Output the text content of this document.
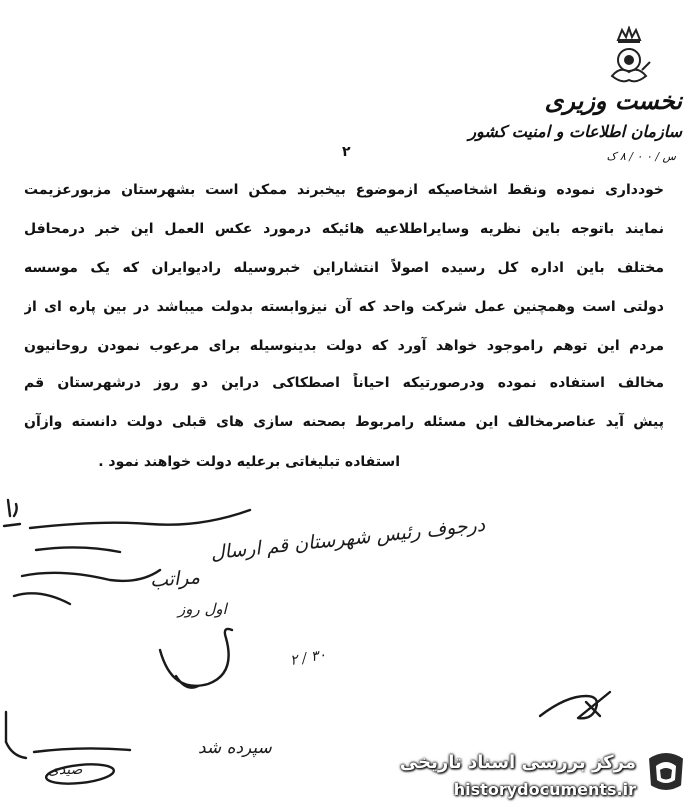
نخست وزیری
سازمان اطلاعات و امنیت کشور
س / ۰ ۰ / ۸ ک
۲
خودداری نموده ونقط اشخاصیکه ازموضوع بیخبرند ممکن است بشهرستان مزبورعزیمت
نمایند باتوجه باین نظریه وسایراطلاعیه هائیکه درمورد عکس العمل این خبر درمحافل
مختلف باین اداره کل رسیده اصولاً انتشاراین خبروسیله رادیوایران که یک موسسه
دولتی است وهمچنین عمل شرکت واحد که آن نیزوابسته بدولت میباشد در بین پاره ای از
مردم این توهم راموجود خواهد آورد که دولت بدینوسیله برای مرعوب نمودن روحانیون
مخالف استفاده نموده ودرصورتیکه احیاناً اصطکاکی دراین دو روز درشهرستان قم
پیش آید عناصرمخالف این مسئله رامربوط بصحنه سازی های قبلی دولت دانسته وازآن
استفاده تبلیغاتی برعلیه دولت خواهند نمود .
درجوف رئیس شهرستان قم ارسال
مراتب
اول روز
۳۰ / ۲
سپرده شد
صیدی	مرکز بررسی اسناد تاریخی
historydocuments.ir
